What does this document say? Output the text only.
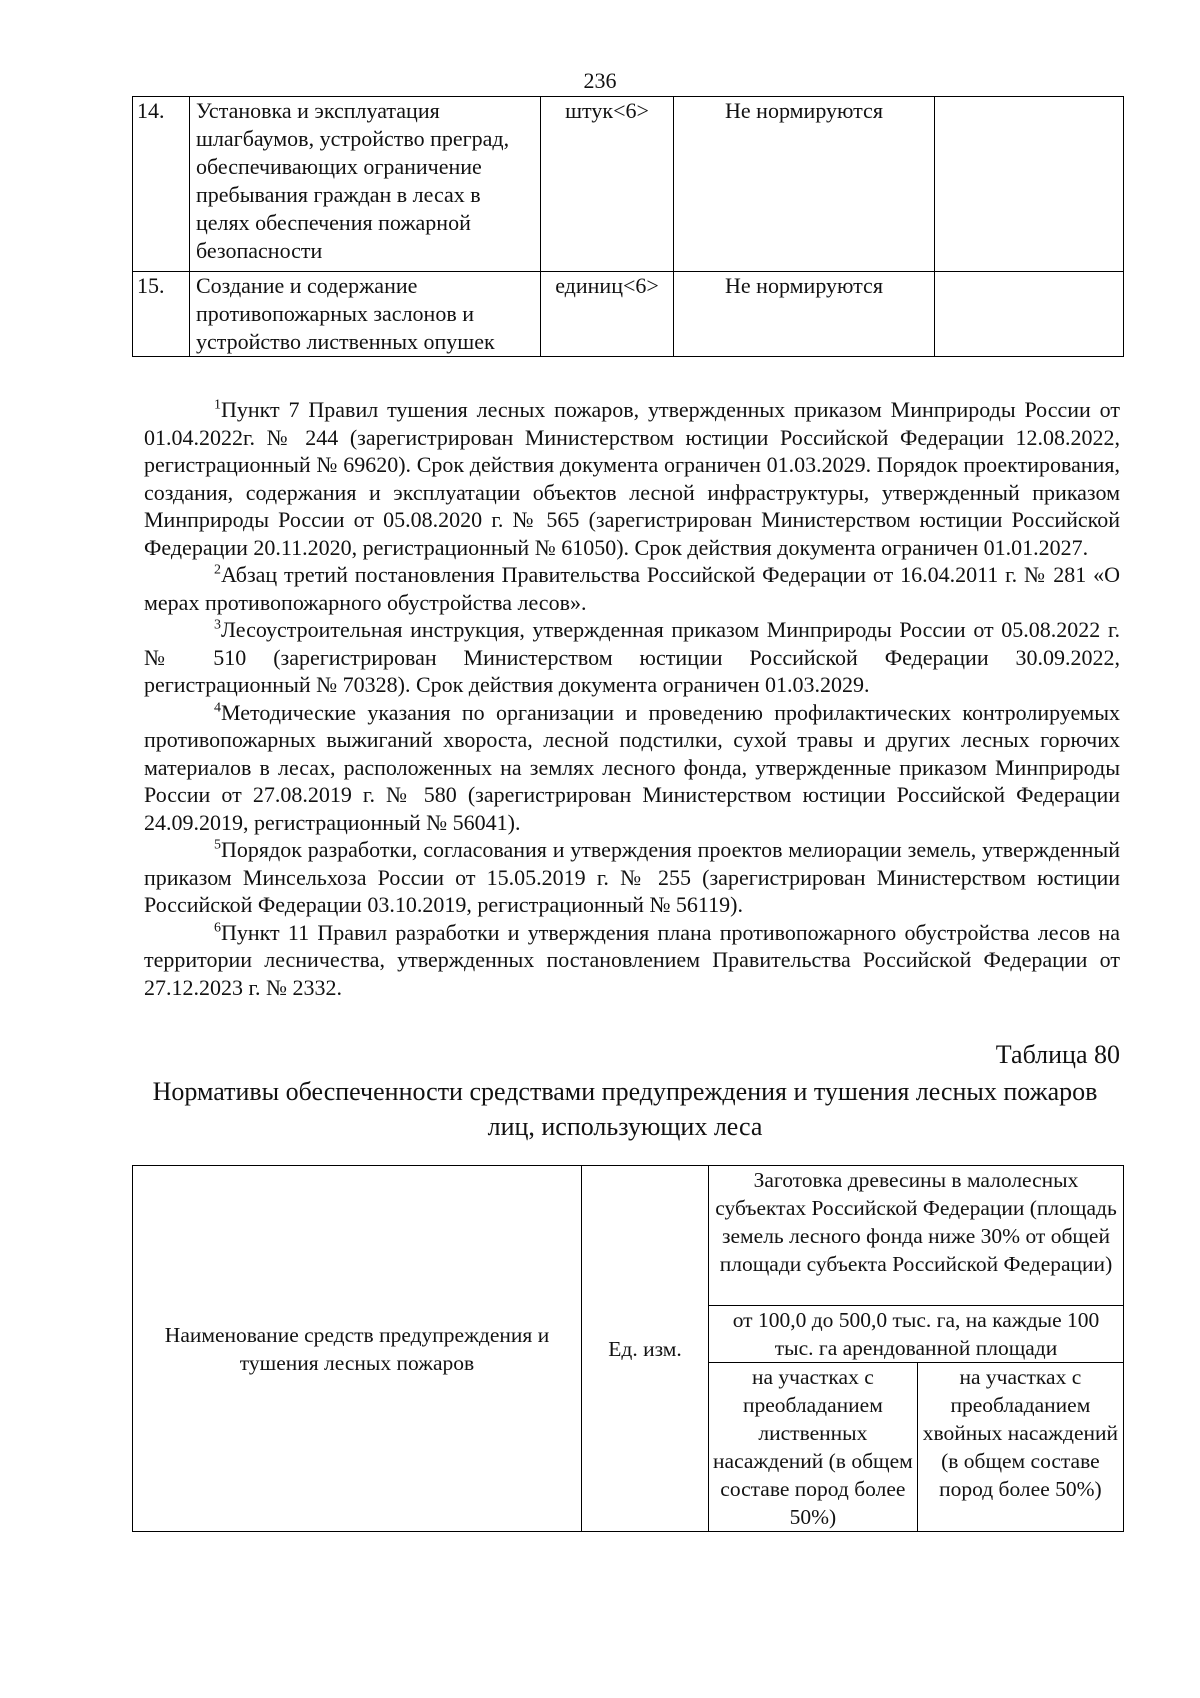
236
14.	Установка и эксплуатация шлагбаумов, устройство преград, обеспечивающих ограничение пребывания граждан в лесах в целях обеспечения пожарной безопасности	штук<6>	Не нормируются	
15.	Создание и содержание противопожарных заслонов и устройство лиственных опушек	единиц<6>	Не нормируются	

$^1$Пункт 7 Правил тушения лесных пожаров, утвержденных приказом Минприроды России от 01.04.2022г. № 244 (зарегистрирован Министерством юстиции Российской Федерации 12.08.2022, регистрационный № 69620). Срок действия документа ограничен 01.03.2029. Порядок проектирования, создания, содержания и эксплуатации объектов лесной инфраструктуры, утвержденный приказом Минприроды России от 05.08.2020 г. № 565 (зарегистрирован Министерством юстиции Российской Федерации 20.11.2020, регистрационный № 61050). Срок действия документа ограничен 01.01.2027.

$^2$Абзац третий постановления Правительства Российской Федерации от 16.04.2011 г. № 281 «О мерах противопожарного обустройства лесов».

$^3$Лесоустроительная инструкция, утвержденная приказом Минприроды России от 05.08.2022 г. № 510 (зарегистрирован Министерством юстиции Российской Федерации 30.09.2022, регистрационный № 70328). Срок действия документа ограничен 01.03.2029.

$^4$Методические указания по организации и проведению профилактических контролируемых противопожарных выжиганий хвороста, лесной подстилки, сухой травы и других лесных горючих материалов в лесах, расположенных на землях лесного фонда, утвержденные приказом Минприроды России от 27.08.2019 г. № 580 (зарегистрирован Министерством юстиции Российской Федерации 24.09.2019, регистрационный № 56041).

$^5$Порядок разработки, согласования и утверждения проектов мелиорации земель, утвержденный приказом Минсельхоза России от 15.05.2019 г. № 255 (зарегистрирован Министерством юстиции Российской Федерации 03.10.2019, регистрационный № 56119).

$^6$Пункт 11 Правил разработки и утверждения плана противопожарного обустройства лесов на территории лесничества, утвержденных постановлением Правительства Российской Федерации от 27.12.2023 г. № 2332.

Таблица 80
Нормативы обеспеченности средствами предупреждения и тушения лесных пожаров лиц, использующих леса
Наименование средств предупреждения и тушения лесных пожаров	Ед. изм.	Заготовка древесины в малолесных субъектах Российской Федерации (площадь земель лесного фонда ниже 30% от общей площади субъекта Российской Федерации)	
		от 100,0 до 500,0 тыс. га, на каждые 100 тыс. га арендованной площади	
		на участках с преобладанием лиственных насаждений (в общем составе пород более 50%)	на участках с преобладанием хвойных насаждений (в общем составе пород более 50%)
